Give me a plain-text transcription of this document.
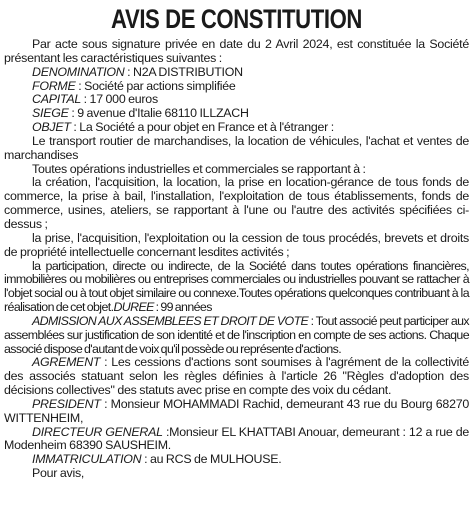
AVIS DE CONSTITUTION

Par acte sous signature privée en date du 2 Avril 2024, est constituée la Société présentant les caractéristiques suivantes :

DENOMINATION : N2A DISTRIBUTION

FORME : Société par actions simplifiée

CAPITAL : 17 000 euros

SIEGE : 9 avenue d'Italie 68110 ILLZACH

OBJET : La Société a pour objet en France et à l'étranger :

Le transport routier de marchandises, la location de véhicules, l'achat et ventes de marchandises

Toutes opérations industrielles et commerciales se rapportant à :

la création, l'acquisition, la location, la prise en location-gérance de tous fonds de commerce, la prise à bail, l'installation, l'exploitation de tous établissements, fonds de commerce, usines, ateliers, se rapportant à l'une ou l'autre des activités spécifiées ci-dessus ;

la prise, l'acquisition, l'exploitation ou la cession de tous procédés, brevets et droits de propriété intellectuelle concernant lesdites activités ;

la participation, directe ou indirecte, de la Société dans toutes opérations financières, immobilières ou mobilières ou entreprises commerciales ou industrielles pouvant se rattacher à l'objet social ou à tout objet similaire ou connexe.Toutes opérations quelconques contribuant à la réalisation de cet objet.DUREE : 99 années

ADMISSION AUX ASSEMBLEES ET DROIT DE VOTE : Tout associé peut participer aux assemblées sur justification de son identité et de l'inscription en compte de ses actions. Chaque associé dispose d'autant de voix qu'il possède ou représente d'actions.

AGREMENT : Les cessions d'actions sont soumises à l'agrément de la collectivité des associés statuant selon les règles définies à l'article 26 "Règles d'adoption des décisions collectives" des statuts avec prise en compte des voix du cédant.

PRESIDENT : Monsieur MOHAMMADI Rachid, demeurant 43 rue du Bourg 68270 WITTENHEIM,

DIRECTEUR GENERAL :Monsieur EL KHATTABI Anouar, demeurant : 12 a rue de Modenheim 68390 SAUSHEIM.

IMMATRICULATION : au RCS de MULHOUSE.

Pour avis,
